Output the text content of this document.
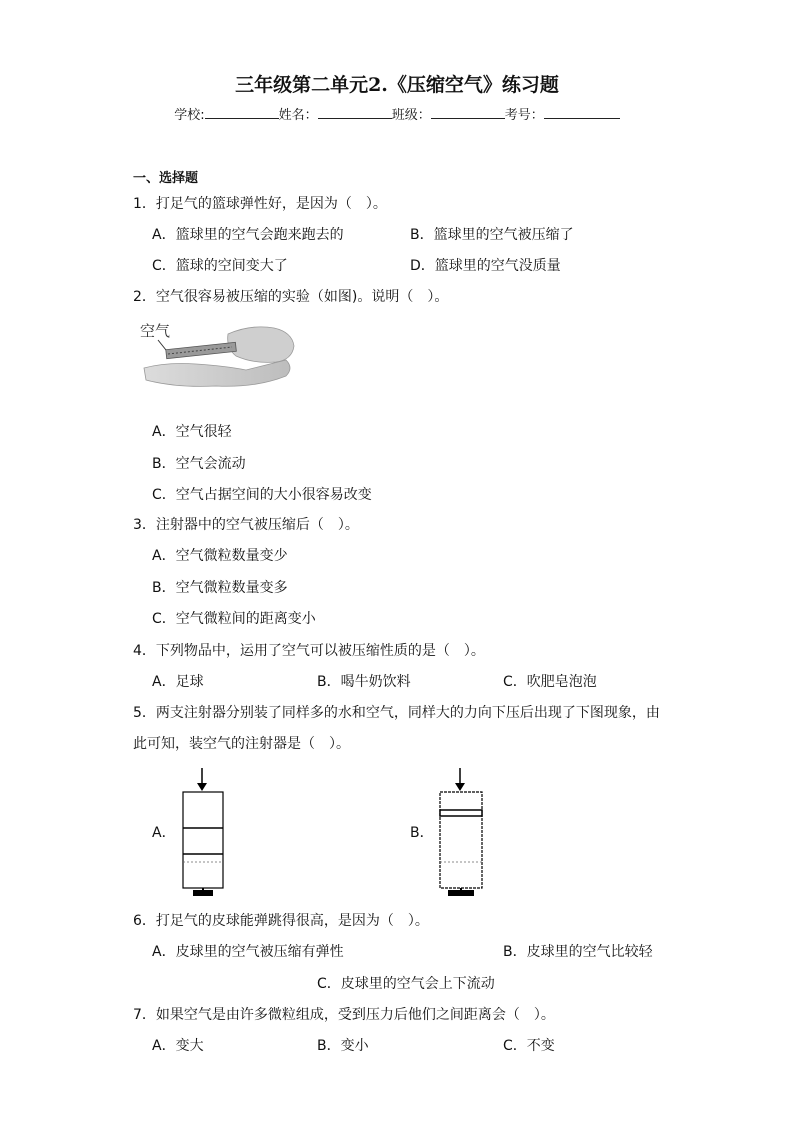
三年级第二单元2.《压缩空气》练习题
学校:	姓名：	班级：	考号：
一、选择题
1．打足气的篮球弹性好，是因为（　）。
A．篮球里的空气会跑来跑去的	B．篮球里的空气被压缩了
C．篮球的空间变大了	D．篮球里的空气没质量
2．空气很容易被压缩的实验（如图)。说明（　）。
空气
A．空气很轻
B．空气会流动
C．空气占据空间的大小很容易改变
3．注射器中的空气被压缩后（　）。
A．空气微粒数量变少
B．空气微粒数量变多
C．空气微粒间的距离变小
4．下列物品中，运用了空气可以被压缩性质的是（　）。
A．足球	B．喝牛奶饮料	C．吹肥皂泡泡
5．两支注射器分别装了同样多的水和空气，同样大的力向下压后出现了下图现象，由
此可知，装空气的注射器是（　）。
A．	B．
6．打足气的皮球能弹跳得很高，是因为（　）。
A．皮球里的空气被压缩有弹性	B．皮球里的空气比较轻
C．皮球里的空气会上下流动
7．如果空气是由许多微粒组成，受到压力后他们之间距离会（　）。
A．变大	B．变小	C．不变
